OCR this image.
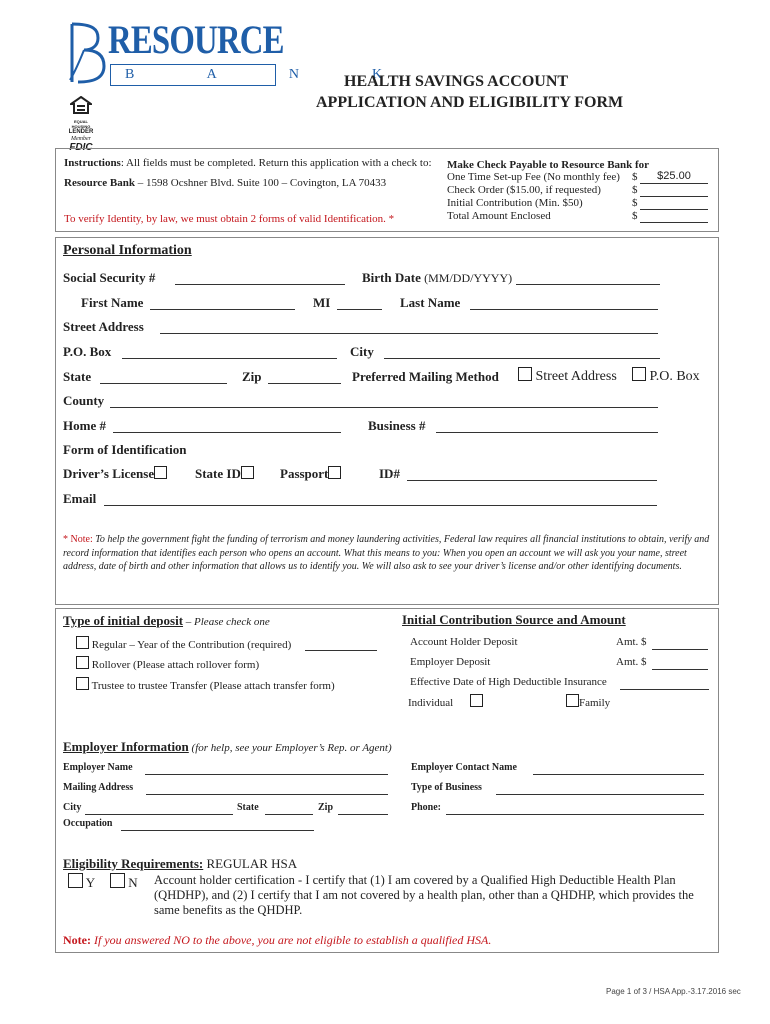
RESOURCE
B  A  N  K
EQUAL HOUSING
LENDER
Member
FDIC
HEALTH SAVINGS ACCOUNT
APPLICATION AND ELIGIBILITY FORM
Instructions: All fields must be completed. Return this application with a check to:
Resource Bank – 1598 Ocshner Blvd. Suite 100 – Covington, LA 70433
To verify Identity, by law, we must obtain 2 forms of valid Identification. *
Make Check Payable to Resource Bank for
One Time Set-up Fee (No monthly fee) $	$25.00
Check Order ($15.00, if requested)	$
Initial Contribution (Min. $50)	$
Total Amount Enclosed	$
Personal Information
Social Security #	Birth Date (MM/DD/YYYY)
First Name	MI	Last Name
Street Address
P.O. Box	City
State	Zip	Preferred Mailing Method	Street Address	P.O. Box
County
Home #	Business #
Form of Identification
Driver’s License	State ID	Passport	ID#
Email
* Note: To help the government fight the funding of terrorism and money laundering activities, Federal law requires all financial institutions to obtain, verify and record information that identifies each person who opens an account. What this means to you: When you open an account we will ask you your name, street address, date of birth and other information that allows us to identify you. We will also ask to see your driver’s license and/or other identifying documents.
Type of initial deposit – Please check one
Regular – Year of the Contribution (required)
Rollover (Please attach rollover form)
Trustee to trustee Transfer (Please attach transfer form)
Initial Contribution Source and Amount
Account Holder Deposit	Amt. $
Employer Deposit	Amt. $
Effective Date of High Deductible Insurance
Individual	Family
Employer Information (for help, see your Employer’s Rep. or Agent)
Employer Name	Employer Contact Name
Mailing Address	Type of Business
City	State	Zip	Phone:
Occupation
Eligibility Requirements: REGULAR HSA
Y	N Account holder certification - I certify that (1) I am covered by a Qualified High Deductible Health Plan
(QHDHP), and (2) I certify that I am not covered by a health plan, other than a QHDHP, which provides the
same benefits as the QHDHP.
Note: If you answered NO to the above, you are not eligible to establish a qualified HSA.
Page 1 of 3 / HSA App.-3.17.2016 sec
